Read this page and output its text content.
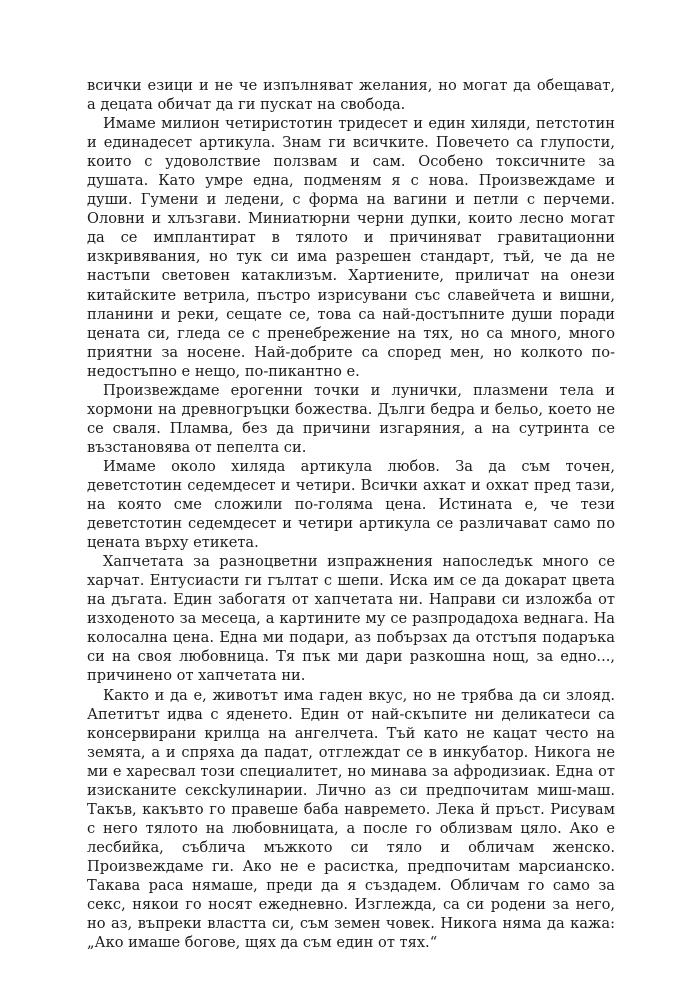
всички езици и не че изпълняват желания, но могат да обещават, а децата обичат да ги пускат на свобода.

Имаме милион четиристотин тридесет и един хиляди, петстотин и единадесет артикула. Знам ги всичките. Повечето са глупости, които с удоволствие ползвам и сам. Особено токсичните за душата. Като умре една, подменям я с нова. Произвеждаме и души. Гумени и ледени, с форма на вагини и петли с перчеми. Оловни и хлъзгави. Миниатюрни черни дупки, които лесно могат да се имплантират в тялото и причиняват гравитационни изкривявания, но тук си има разрешен стандарт, тъй, че да не настъпи световен катаклизъм. Хартиените, приличат на онези китайските ветрила, пъстро изрисувани със славейчета и вишни, планини и реки, сещате се, това са най-достъпните души поради цената си, гледа се с пренебрежение на тях, но са много, много приятни за носене. Най-добрите са според мен, но колкото по-недостъпно е нещо, по-пикантно е.

Произвеждаме ерогенни точки и лунички, плазмени тела и хормони на древногръцки божества. Дълги бедра и бельо, което не се сваля. Пламва, без да причини изгаряния, а на сутринта се възстановява от пепелта си.

Имаме около хиляда артикула любов. За да съм точен, деветстотин седемдесет и четири. Всички ахкат и охкат пред тази, на която сме сложили по-голяма цена. Истината е, че тези деветстотин седемдесет и четири артикула се различават само по цената върху етикета.

Хапчетата за разноцветни изпражнения напоследък много се харчат. Ентусиасти ги гълтат с шепи. Иска им се да докарат цвета на дъгата. Един забогатя от хапчетата ни. Направи си изложба от изходеното за месеца, а картините му се разпродадоха веднага. На колосална цена. Една ми подари, аз побързах да отстъпя подаръка си на своя любовница. Тя пък ми дари разкошна нощ, за едно..., причинено от хапчетата ни.

Както и да е, животът има гаден вкус, но не трябва да си злояд. Апетитът идва с яденето. Един от най-скъпите ни деликатеси са консервирани крилца на ангелчета. Тъй като не кацат често на земята, а и спряха да падат, отглеждат се в инкубатор. Никога не ми е харесвал този специалитет, но минава за афродизиак. Една от изисканите сексkулинарии. Лично аз си предпочитам миш-маш. Такъв, какъвто го правеше баба навремето. Лека й пръст. Рисувам с него тялото на любовницата, а после го облизвам цяло. Ако е лесбийка, съблича мъжкото си тяло и обличам женско. Произвеждаме ги. Ако не е расистка, предпочитам марсианско. Такава раса нямаше, преди да я създадем. Обличам го само за секс, някои го носят ежедневно. Изглежда, са си родени за него, но аз, въпреки властта си, съм земен човек. Никога няма да кажа: „Ако имаше богове, щях да съм един от тях.“
